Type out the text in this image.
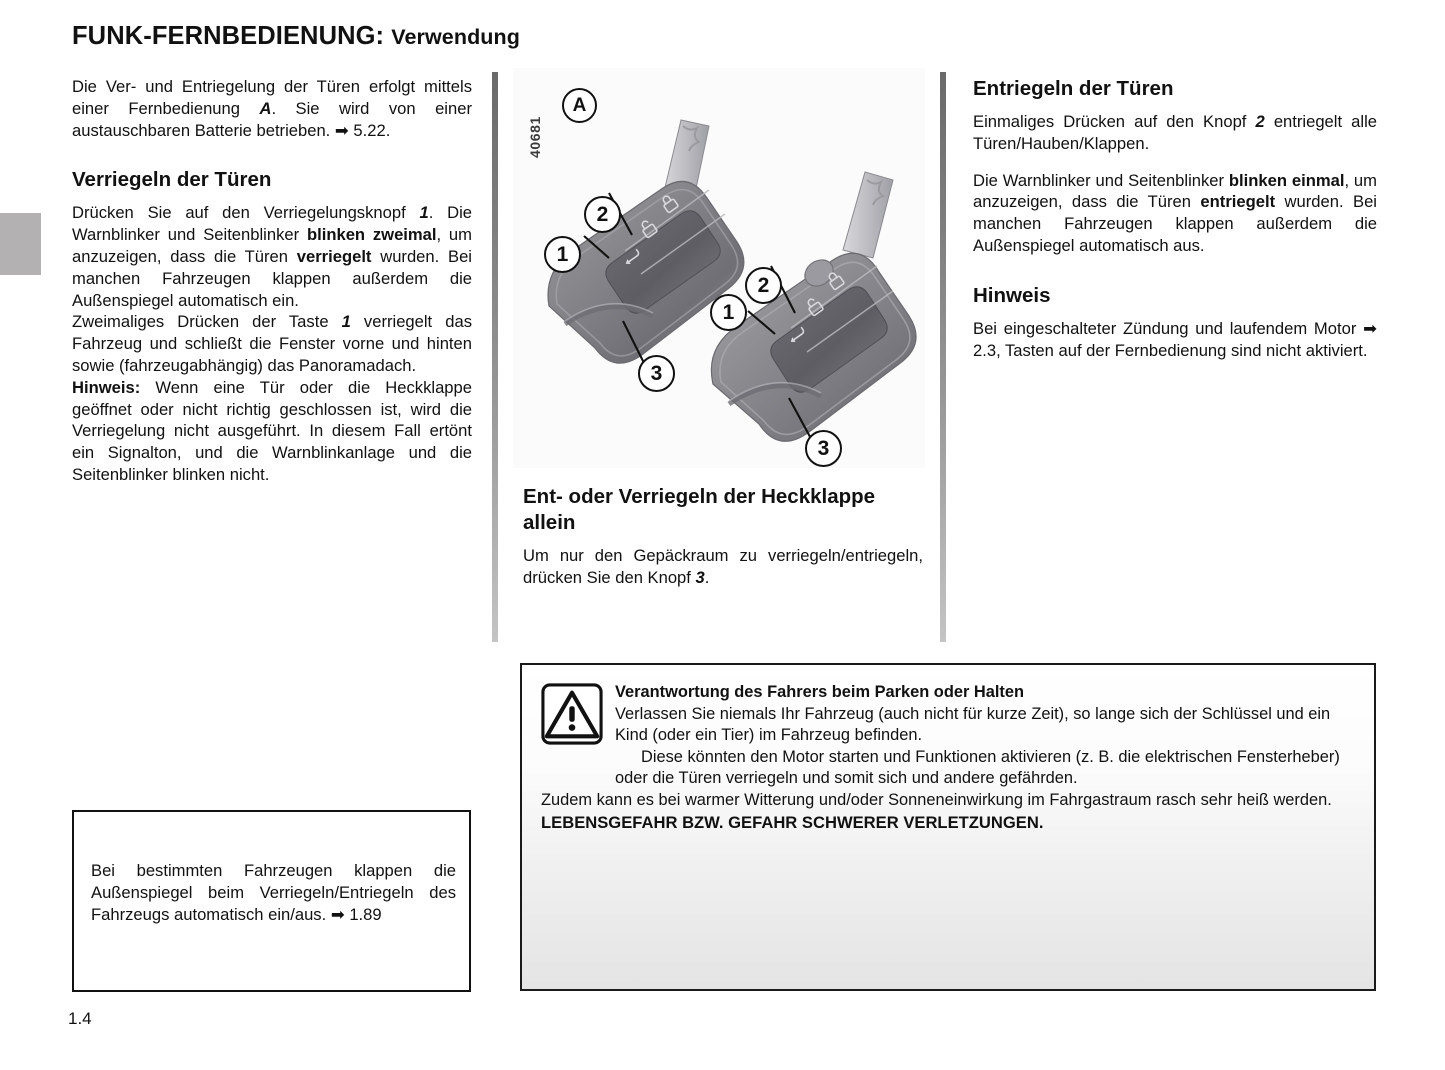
FUNK-FERNBEDIENUNG: Verwendung

Die Ver- und Entriegelung der Türen erfolgt mittels einer Fernbedienung A. Sie wird von einer austauschbaren Batterie betrieben. ➡ 5.22.

Verriegeln der Türen

Drücken Sie auf den Verriegelungsknopf 1. Die Warnblinker und Seitenblinker blinken zweimal, um anzuzeigen, dass die Türen verriegelt wurden. Bei manchen Fahrzeugen klappen außerdem die Außenspiegel automatisch ein.

Zweimaliges Drücken der Taste 1 verriegelt das Fahrzeug und schließt die Fenster vorne und hinten sowie (fahrzeugabhängig) das Panoramadach.

Hinweis: Wenn eine Tür oder die Heckklappe geöffnet oder nicht richtig geschlossen ist, wird die Verriegelung nicht ausgeführt. In diesem Fall ertönt ein Signalton, und die Warnblinkanlage und die Seitenblinker blinken nicht.

40681
A
2
1
3
2
1
3
Ent- oder Verriegeln der Heckklappe allein

Um nur den Gepäckraum zu verriegeln/entriegeln, drücken Sie den Knopf 3.

Entriegeln der Türen

Einmaliges Drücken auf den Knopf 2 entriegelt alle Türen/Hauben/Klappen.

Die Warnblinker und Seitenblinker blinken einmal, um anzuzeigen, dass die Türen entriegelt wurden. Bei manchen Fahrzeugen klappen außerdem die Außenspiegel automatisch aus.

Hinweis

Bei eingeschalteter Zündung und laufendem Motor ➡ 2.3, Tasten auf der Fernbedienung sind nicht aktiviert.

Bei bestimmten Fahrzeugen klappen die Außenspiegel beim Verriegeln/Entriegeln des Fahrzeugs automatisch ein/aus. ➡ 1.89
1.4

Verantwortung des Fahrers beim Parken oder Halten

Verlassen Sie niemals Ihr Fahrzeug (auch nicht für kurze Zeit), so lange sich der Schlüssel und ein Kind (oder ein Tier) im Fahrzeug befinden.

Diese könnten den Motor starten und Funktionen aktivieren (z. B. die elektrischen Fensterheber) oder die Türen verriegeln und somit sich und andere gefährden.

Zudem kann es bei warmer Witterung und/oder Sonneneinwirkung im Fahrgastraum rasch sehr heiß werden.

LEBENSGEFAHR BZW. GEFAHR SCHWERER VERLETZUNGEN.
